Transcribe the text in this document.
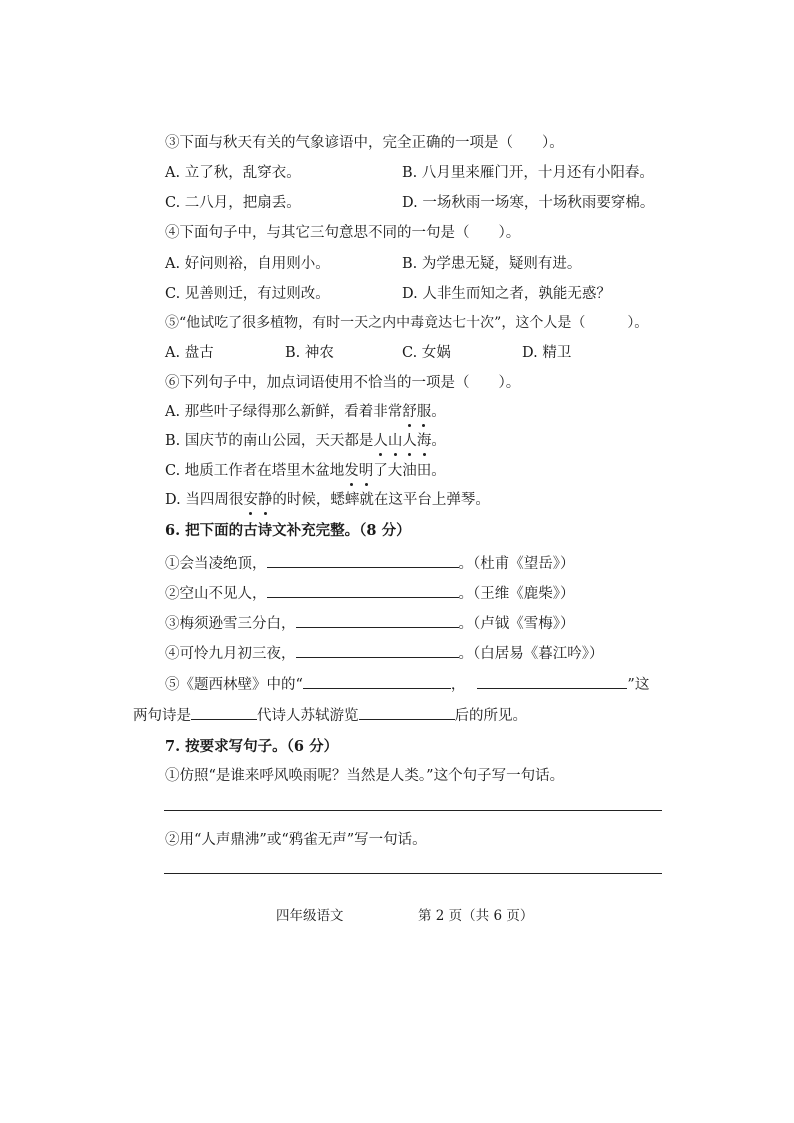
③下面与秋天有关的气象谚语中，完全正确的一项是（　　）。
A. 立了秋，乱穿衣。	B. 八月里来雁门开，十月还有小阳春。
C. 二八月，把扇丢。	D. 一场秋雨一场寒，十场秋雨要穿棉。
④下面句子中，与其它三句意思不同的一句是（　　）。
A. 好问则裕，自用则小。	B. 为学患无疑，疑则有进。
C. 见善则迁，有过则改。	D. 人非生而知之者，孰能无惑？
⑤“他试吃了很多植物，有时一天之内中毒竟达七十次”，这个人是（　　　）。
A. 盘古	B. 神农	C. 女娲	D. 精卫
⑥下列句子中，加点词语使用不恰当的一项是（　　）。
A. 那些叶子绿得那么新鲜，看着非常舒服。
B. 国庆节的南山公园，天天都是人山人海。
C. 地质工作者在塔里木盆地发明了大油田。
D. 当四周很安静的时候，蟋蟀就在这平台上弹琴。
6. 把下面的古诗文补充完整。（8 分）
①会当凌绝顶，	。（杜甫《望岳》）
②空山不见人，	。（王维《鹿柴》）
③梅须逊雪三分白，	。（卢钺《雪梅》）
④可怜九月初三夜，	。（白居易《暮江吟》）
⑤《题西林壁》中的“	，	”这
两句诗是	代诗人苏轼游览	后的所见。
7. 按要求写句子。（6 分）
①仿照“是谁来呼风唤雨呢？当然是人类。”这个句子写一句话。
②用“人声鼎沸”或“鸦雀无声”写一句话。
四年级语文	第 2 页（共 6 页）
